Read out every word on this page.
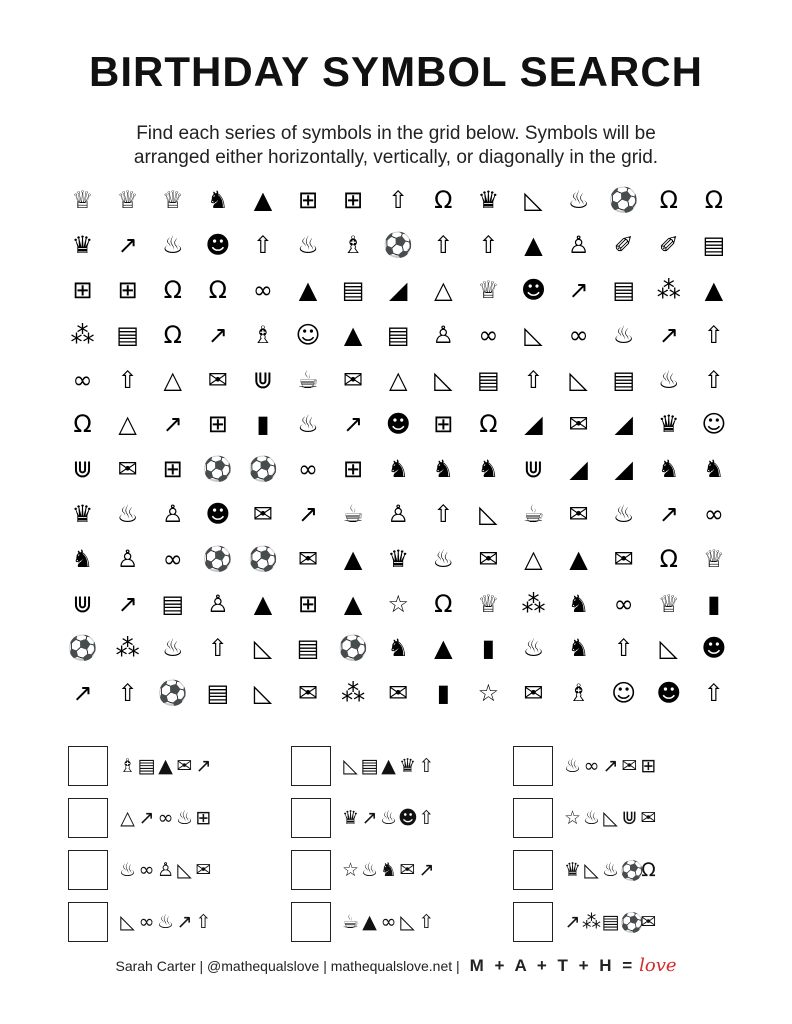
BIRTHDAY SYMBOL SEARCH
Find each series of symbols in the grid below. Symbols will be
arranged either horizontally, vertically, or diagonally in the grid.
♕ ♕ ♕ ♞	▲	⊞	⊞	⇧	Ω	♛	◺	♨ ⚽ Ω	Ω
♛	↗	♨ ☻ ⇧	♨ ♗ ⚽ ⇧	⇧	▲	♙	✐	✐ ▤
⊞	⊞	Ω	Ω	∞	▲	▤	◢	△	♕ ☻ ↗ ▤ ⁂ ▲
⁂ ▤	Ω	↗	♗ ☺ ▲	▤ ♙	∞	◺	∞	♨	↗	⇧
∞	⇧	△	✉	⋓	☕	✉	△	◺	▤ ⇧	◺	▤ ♨	⇧
Ω	△	↗	⊞	▮	♨	↗ ☻ ⊞	Ω	◢	✉	◢	♛ ☺
⋓	✉	⊞ ⚽ ⚽ ∞	⊞	♞ ♞ ♞	⋓	◢	◢	♞ ♞
♛ ♨ ♙ ☻ ✉	↗	☕ ♙	⇧	◺	☕	✉	♨	↗	∞
♞ ♙	∞ ⚽ ⚽ ✉	▲	♛ ♨	✉	△	▲	✉	Ω	♕
⋓	↗ ▤ ♙	▲	⊞	▲	☆	Ω	♕ ⁂ ♞	∞	♕	▮
⚽ ⁂ ♨	⇧	◺	▤ ⚽ ♞	▲	▮	♨ ♞	⇧	◺ ☻
↗	⇧ ⚽ ▤	◺	✉ ⁂ ✉	▮	☆	✉	♗ ☺ ☻ ⇧
♗ ▤ ▲ ✉ ↗
△ ↗ ∞ ♨ ⊞
♨ ∞ ♙ ◺ ✉
◺ ∞ ♨ ↗ ⇧
◺ ▤ ▲ ♛ ⇧
♛ ↗ ♨ ☻ ⇧
☆ ♨ ♞ ✉ ↗
☕ ▲ ∞ ◺ ⇧
♨ ∞ ↗ ✉ ⊞
☆ ♨ ◺ ⋓ ✉
♛ ◺ ♨ ⚽
Ω
↗ ⁂ ▤ ⚽
✉
Sarah Carter | @mathequalslove | mathequalslove.net | M + A + T + H = love
